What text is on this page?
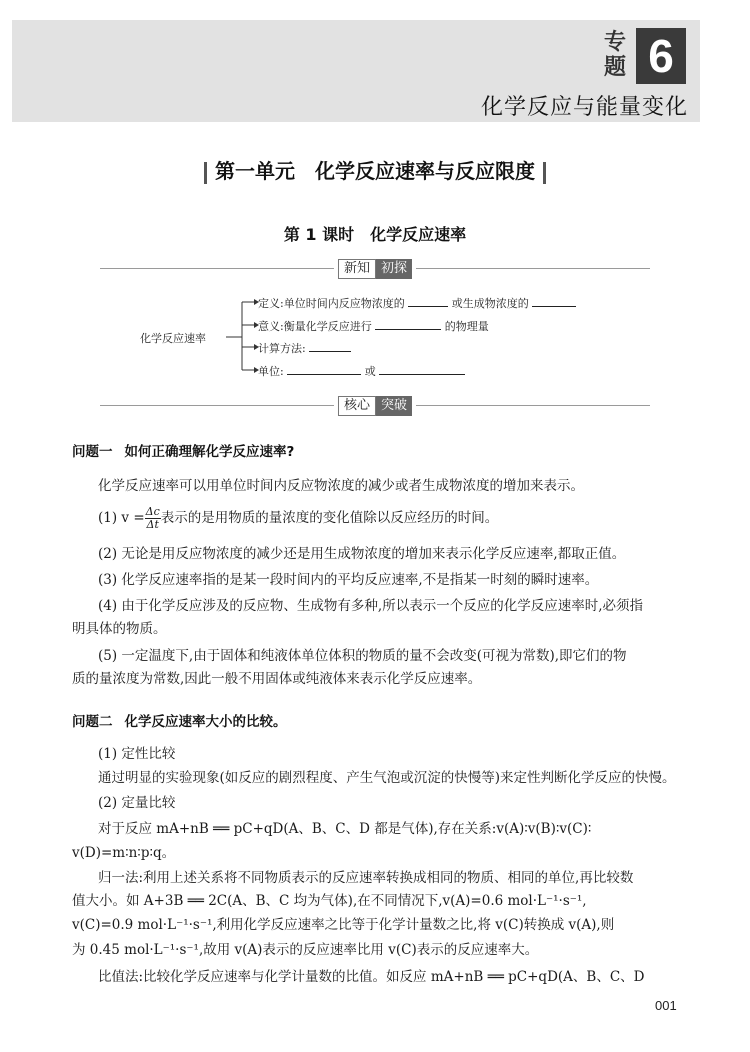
专
题 6
化学反应与能量变化
第一单元　化学反应速率与反应限度
第 1 课时　化学反应速率
新知 初探
化学反应速率
定义:单位时间内反应物浓度的	或生成物浓度的
意义:衡量化学反应进行	的物理量
计算方法:
单位:	或
核心 突破
问题一 如何正确理解化学反应速率?
化学反应速率可以用单位时间内反应物浓度的减少或者生成物浓度的增加来表示。
(1) $v = \frac{\Delta c}{\Delta t}$ 表示的是用物质的量浓度的变化值除以反应经历的时间。
(2) 无论是用反应物浓度的减少还是用生成物浓度的增加来表示化学反应速率,都取正值。
(3) 化学反应速率指的是某一段时间内的平均反应速率,不是指某一时刻的瞬时速率。
(4) 由于化学反应涉及的反应物、生成物有多种,所以表示一个反应的化学反应速率时,必须指
明具体的物质。
(5) 一定温度下,由于固体和纯液体单位体积的物质的量不会改变(可视为常数),即它们的物
质的量浓度为常数,因此一般不用固体或纯液体来表示化学反应速率。
问题二 化学反应速率大小的比较。
(1) 定性比较
通过明显的实验现象(如反应的剧烈程度、产生气泡或沉淀的快慢等)来定性判断化学反应的快慢。
(2) 定量比较
对于反应 mA+nB ══ pC+qD(A、B、C、D 都是气体),存在关系:v(A)∶v(B)∶v(C)∶
v(D)=m∶n∶p∶q。
归一法:利用上述关系将不同物质表示的反应速率转换成相同的物质、相同的单位,再比较数
值大小。如 A+3B ══ 2C(A、B、C 均为气体),在不同情况下,v(A)=0.6 mol·L⁻¹·s⁻¹,
v(C)=0.9 mol·L⁻¹·s⁻¹,利用化学反应速率之比等于化学计量数之比,将 v(C)转换成 v(A),则
为 0.45 mol·L⁻¹·s⁻¹,故用 v(A)表示的反应速率比用 v(C)表示的反应速率大。
比值法:比较化学反应速率与化学计量数的比值。如反应 mA+nB ══ pC+qD(A、B、C、D
001
